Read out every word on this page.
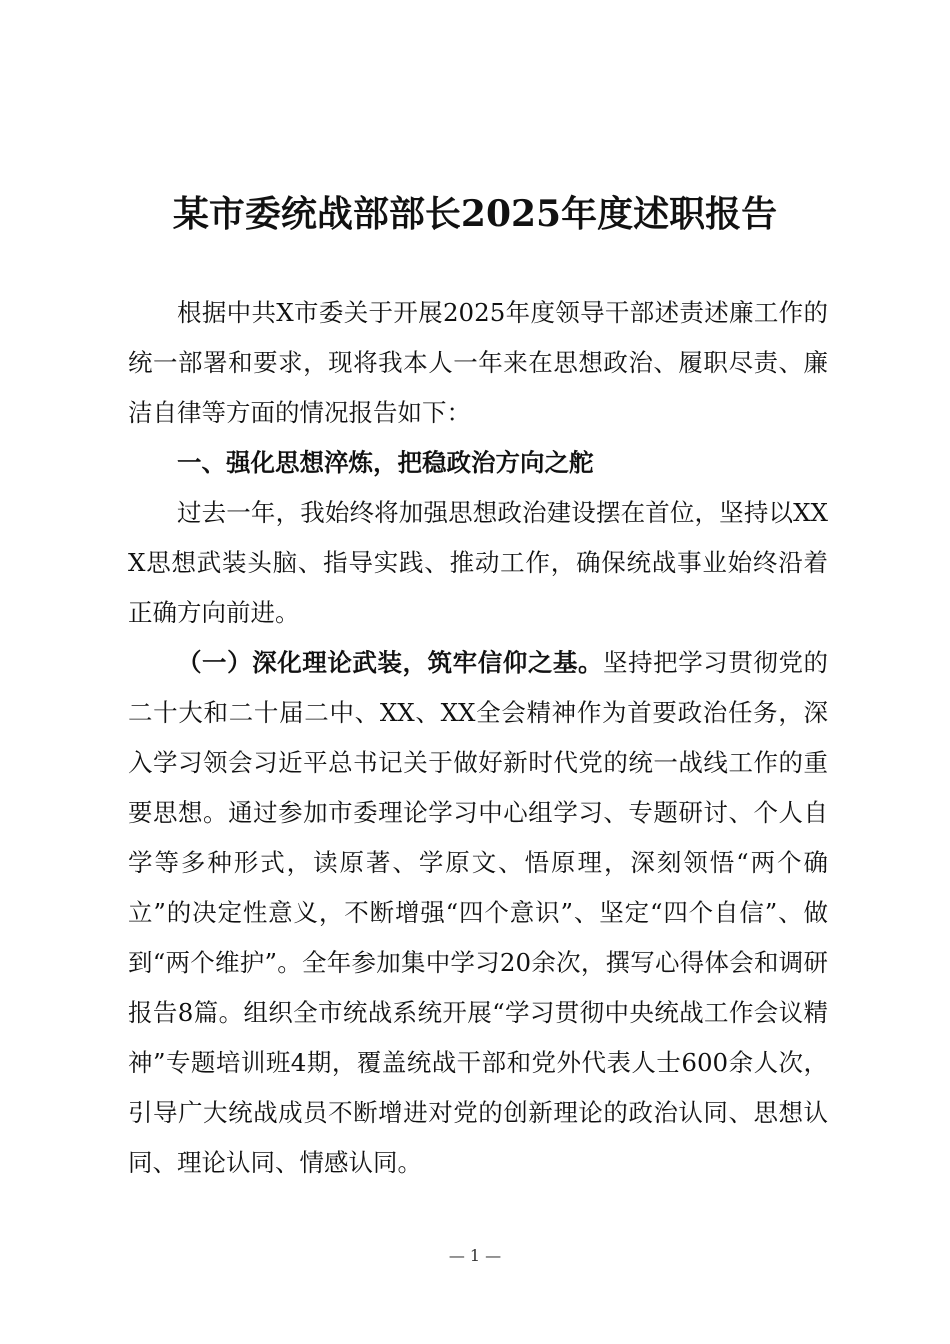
某市委统战部部长2025年度述职报告

根据中共X市委关于开展2025年度领导干部述责述廉工作的统一部署和要求，现将我本人一年来在思想政治、履职尽责、廉洁自律等方面的情况报告如下：

一、强化思想淬炼，把稳政治方向之舵

过去一年，我始终将加强思想政治建设摆在首位，坚持以XXX思想武装头脑、指导实践、推动工作，确保统战事业始终沿着正确方向前进。

（一）深化理论武装，筑牢信仰之基。坚持把学习贯彻党的二十大和二十届二中、XX、XX全会精神作为首要政治任务，深入学习领会习近平总书记关于做好新时代党的统一战线工作的重要思想。通过参加市委理论学习中心组学习、专题研讨、个人自学等多种形式，读原著、学原文、悟原理，深刻领悟“两个确立”的决定性意义，不断增强“四个意识”、坚定“四个自信”、做到“两个维护”。全年参加集中学习20余次，撰写心得体会和调研报告8篇。组织全市统战系统开展“学习贯彻中央统战工作会议精神”专题培训班4期，覆盖统战干部和党外代表人士600余人次，引导广大统战成员不断增进对党的创新理论的政治认同、思想认同、理论认同、情感认同。

— 1 —
